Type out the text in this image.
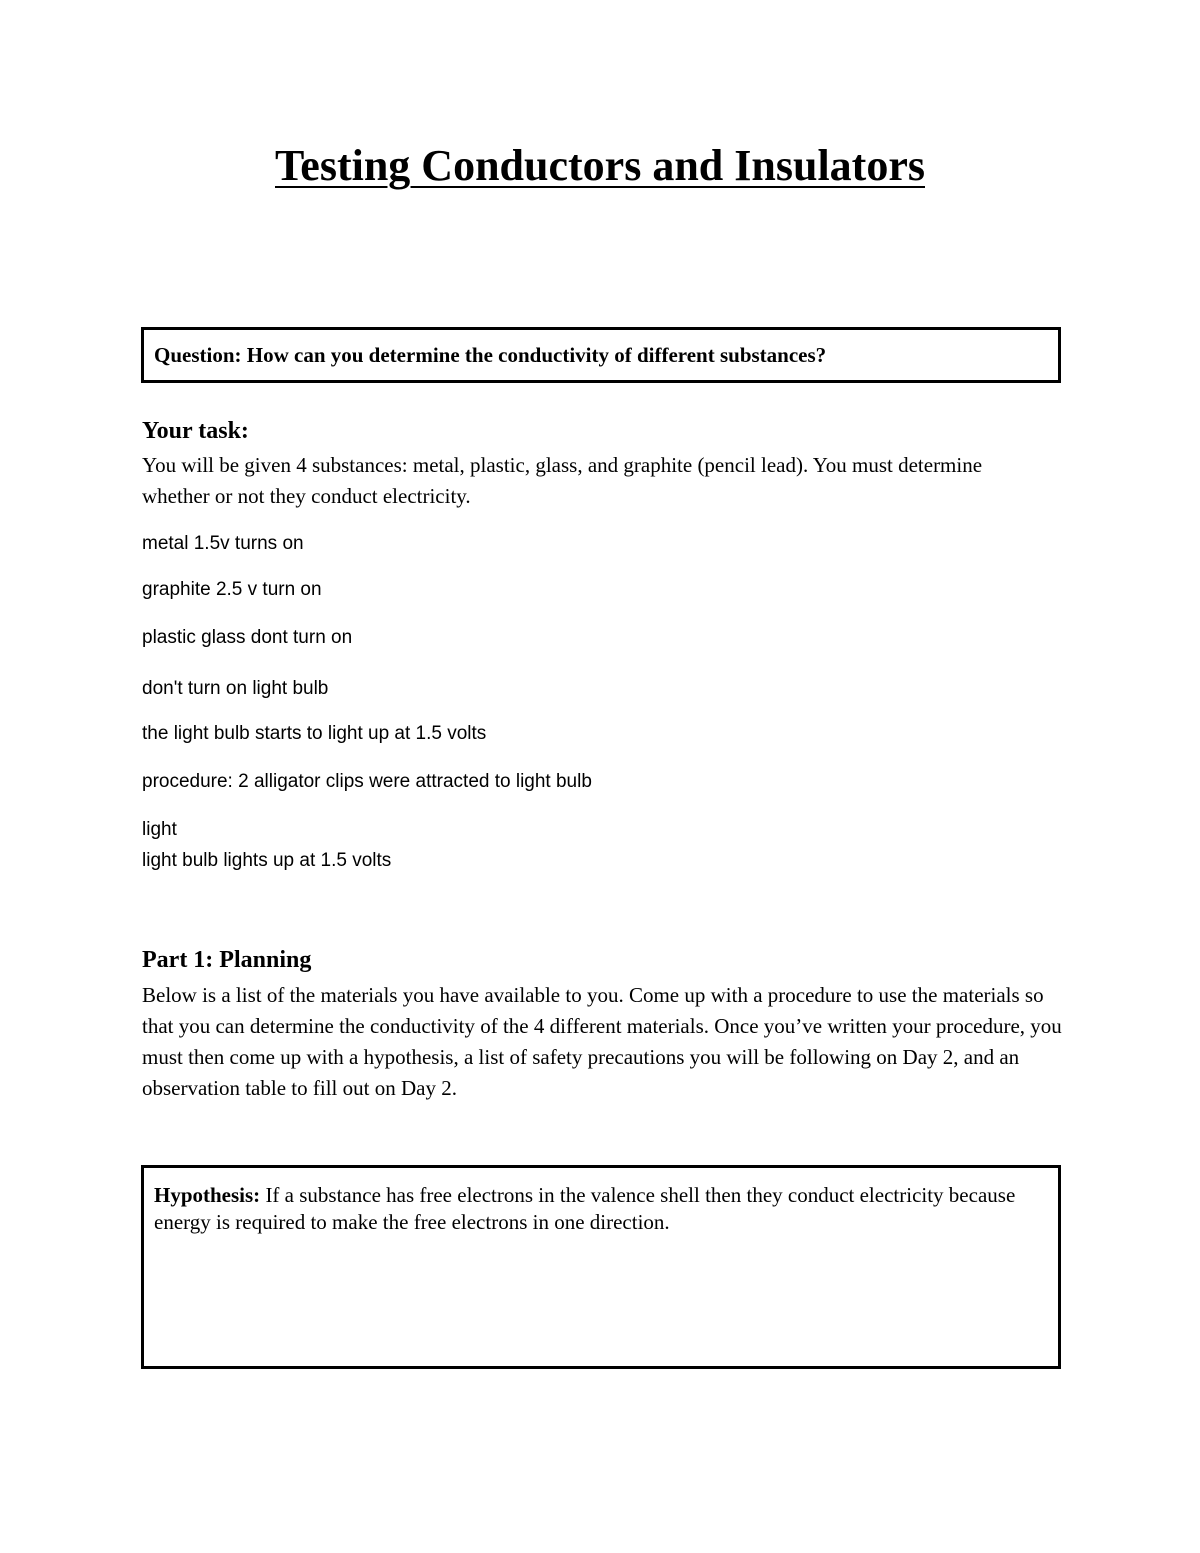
Testing Conductors and Insulators
Question: How can you determine the conductivity of different substances?
Your task:
You will be given 4 substances: metal, plastic, glass, and graphite (pencil lead). You must determine whether or not they conduct electricity.
metal 1.5v turns on
graphite 2.5 v turn on
plastic glass dont turn on
don't turn on light bulb
the light bulb starts to light up at 1.5 volts
procedure: 2 alligator clips were attracted to light bulb
light
light bulb lights up at 1.5 volts
Part 1: Planning
Below is a list of the materials you have available to you. Come up with a procedure to use the materials so that you can determine the conductivity of the 4 different materials. Once you’ve written your procedure, you must then come up with a hypothesis, a list of safety precautions you will be following on Day 2, and an observation table to fill out on Day 2.
Hypothesis: If a substance has free electrons in the valence shell then they conduct electricity because energy is required to make the free electrons in one direction.
